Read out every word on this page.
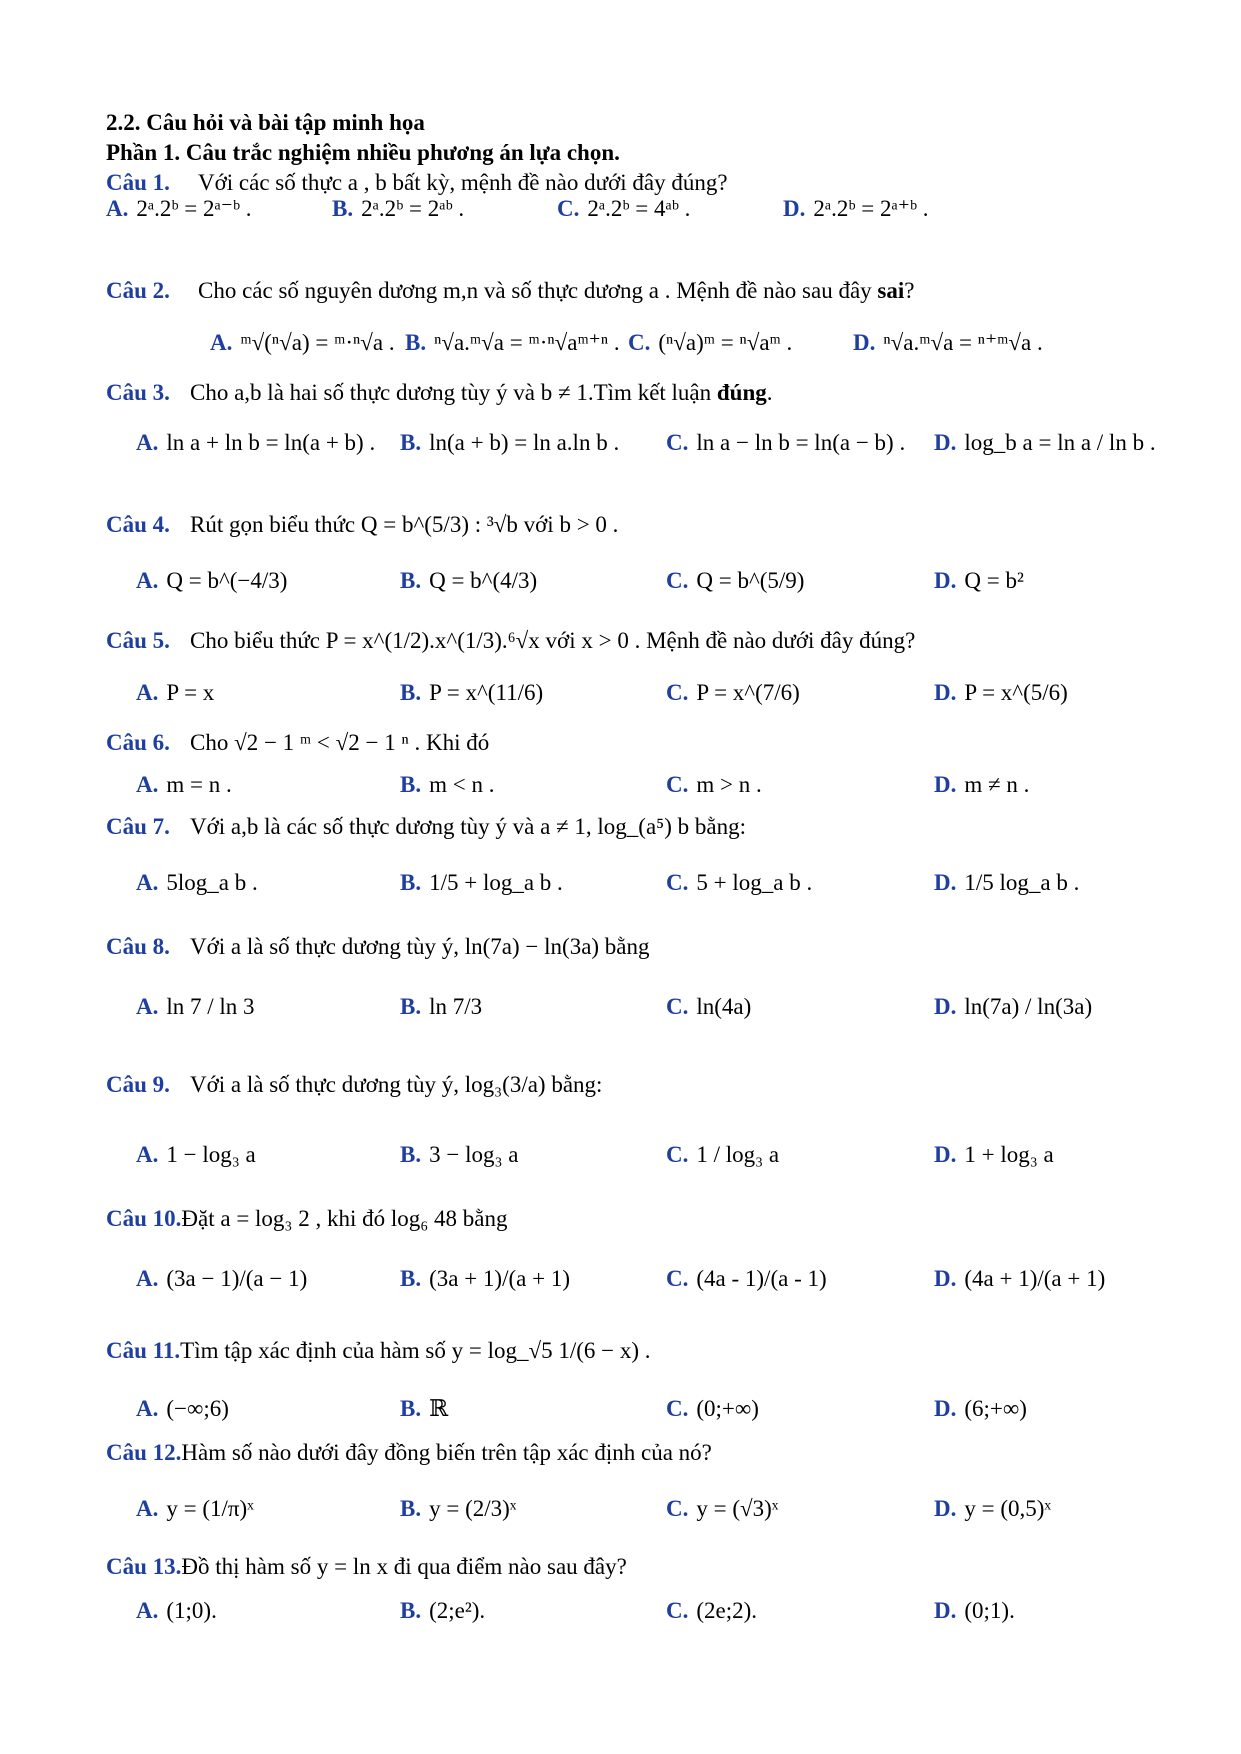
2.2. Câu hỏi và bài tập minh họa
Phần 1. Câu trắc nghiệm nhiều phương án lựa chọn.
Câu 1. Với các số thực a , b bất kỳ, mệnh đề nào dưới đây đúng?
A. 2ᵃ.2ᵇ = 2ᵃ⁻ᵇ .	B. 2ᵃ.2ᵇ = 2ᵃᵇ .	C. 2ᵃ.2ᵇ = 4ᵃᵇ .	D. 2ᵃ.2ᵇ = 2ᵃ⁺ᵇ .
Câu 2. Cho các số nguyên dương m,n và số thực dương a . Mệnh đề nào sau đây sai?
A. ᵐ√(ⁿ√a) = ᵐ·ⁿ√a . B. ⁿ√a.ᵐ√a = ᵐ·ⁿ√aᵐ⁺ⁿ . C. (ⁿ√a)ᵐ = ⁿ√aᵐ .	D. ⁿ√a.ᵐ√a = ⁿ⁺ᵐ√a .
Câu 3. Cho a,b là hai số thực dương tùy ý và b ≠ 1.Tìm kết luận đúng.
A. ln a + ln b = ln(a + b) . B. ln(a + b) = ln a.ln b . C. ln a − ln b = ln(a − b) . D. log_b a = ln a / ln b .
Câu 4. Rút gọn biểu thức Q = b^(5/3) : ³√b với b > 0 .
A. Q = b^(−4/3)	B. Q = b^(4/3)	C. Q = b^(5/9)	D. Q = b²
Câu 5. Cho biểu thức P = x^(1/2).x^(1/3).⁶√x với x > 0 . Mệnh đề nào dưới đây đúng?
A. P = x	B. P = x^(11/6)	C. P = x^(7/6)	D. P = x^(5/6)
Câu 6. Cho √2 − 1 ᵐ < √2 − 1 ⁿ . Khi đó
A. m = n .	B. m < n .	C. m > n .	D. m ≠ n .
Câu 7. Với a,b là các số thực dương tùy ý và a ≠ 1, log_(a⁵) b bằng:
A. 5log_a b .	B. 1/5 + log_a b .	C. 5 + log_a b .	D. 1/5 log_a b .
Câu 8. Với a là số thực dương tùy ý, ln(7a) − ln(3a) bằng
A. ln 7 / ln 3	B. ln 7/3	C. ln(4a)	D. ln(7a) / ln(3a)
Câu 9. Với a là số thực dương tùy ý, log₃(3/a) bằng:
A. 1 − log₃ a	B. 3 − log₃ a	C. 1 / log₃ a	D. 1 + log₃ a
Câu 10.Đặt a = log₃ 2 , khi đó log₆ 48 bằng
A. (3a − 1)/(a − 1)	B. (3a + 1)/(a + 1)	C. (4a - 1)/(a - 1)	D. (4a + 1)/(a + 1)
Câu 11.Tìm tập xác định của hàm số y = log_√5 1/(6 − x) .
A. (−∞;6)	B. ℝ	C. (0;+∞)	D. (6;+∞)
Câu 12.Hàm số nào dưới đây đồng biến trên tập xác định của nó?
A. y = (1/π)ˣ	B. y = (2/3)ˣ	C. y = (√3)ˣ	D. y = (0,5)ˣ
Câu 13.Đồ thị hàm số y = ln x đi qua điểm nào sau đây?
A. (1;0).	B. (2;e²).	C. (2e;2).	D. (0;1).
